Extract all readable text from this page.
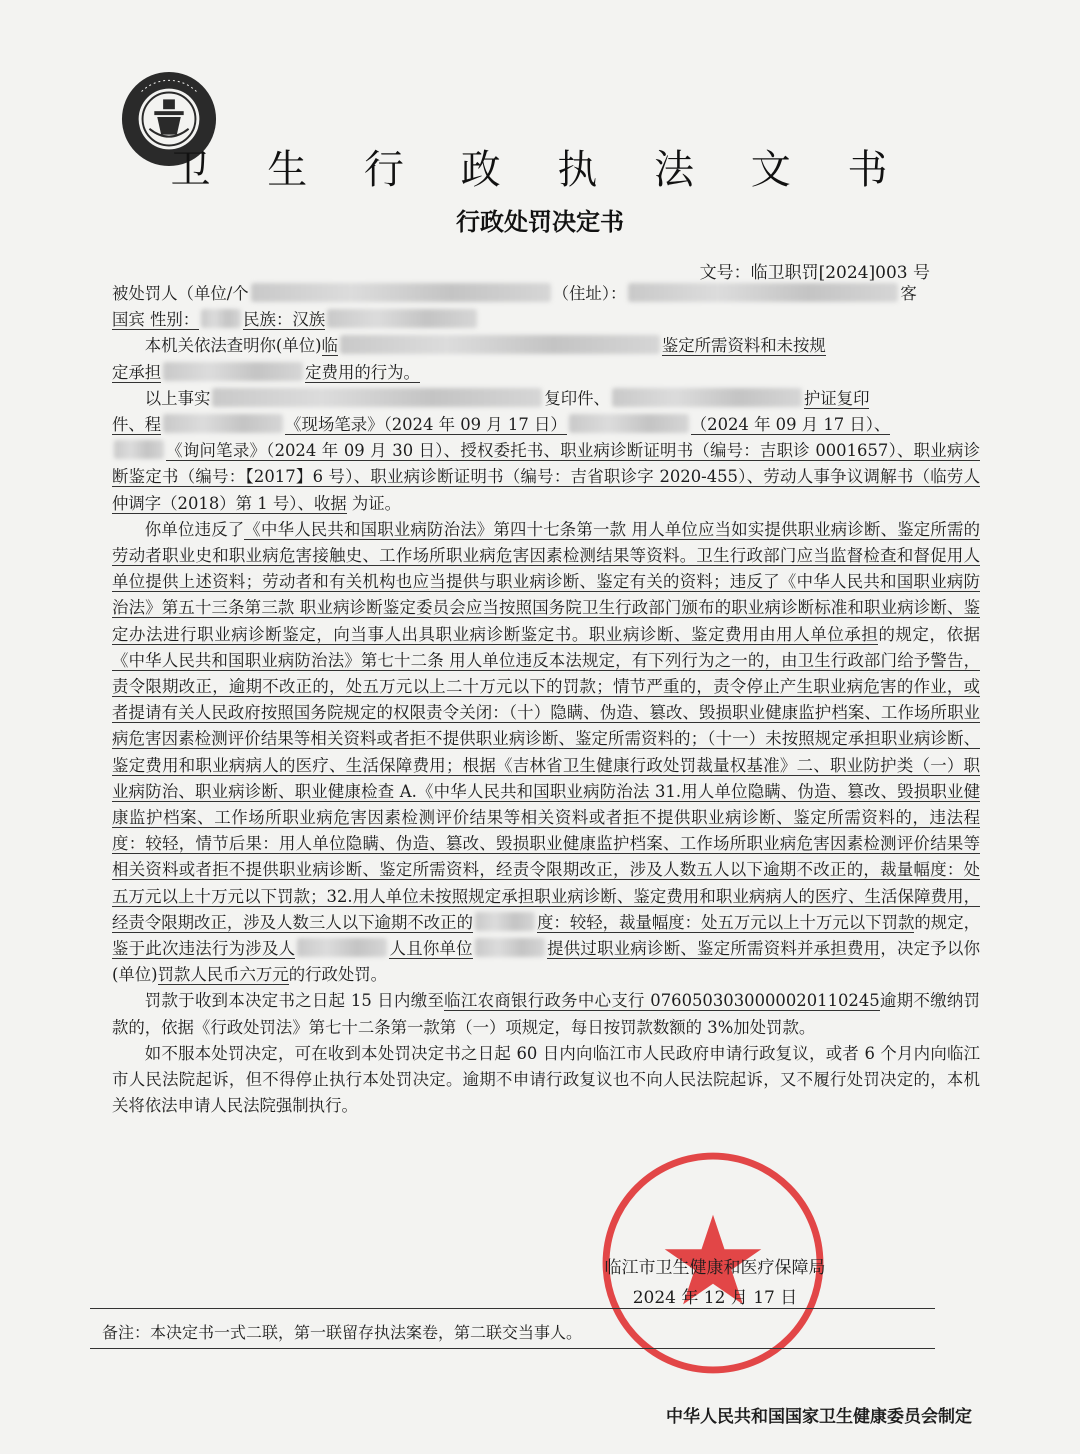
卫 生 行 政 执 法 文 书
行政处罚决定书
文号：临卫职罚[2024]003 号

被处罚人（单位/个	（住址）：	客

国宾 性别：	民族：汉族

本机关依法查明你(单位)临	鉴定所需资料和未按规
定承担	定费用的行为。

以上事实	复印件、	护证复印
件、程	《现场笔录》（2024 年 09 月 17 日）	（2024 年 09 月 17 日）、
《询问笔录》（2024 年 09 月 30 日）、授权委托书、职业病诊断证明书（编号：吉职诊 0001657）、职业病诊断鉴定书（编号：【2017】6 号）、职业病诊断证明书（编号：吉省职诊字 2020-455）、劳动人事争议调解书（临劳人仲调字（2018）第 1 号）、收据 为证。

你单位违反了《中华人民共和国职业病防治法》第四十七条第一款 用人单位应当如实提供职业病诊断、鉴定所需的劳动者职业史和职业病危害接触史、工作场所职业病危害因素检测结果等资料。卫生行政部门应当监督检查和督促用人单位提供上述资料；劳动者和有关机构也应当提供与职业病诊断、鉴定有关的资料；违反了《中华人民共和国职业病防治法》第五十三条第三款 职业病诊断鉴定委员会应当按照国务院卫生行政部门颁布的职业病诊断标准和职业病诊断、鉴定办法进行职业病诊断鉴定，向当事人出具职业病诊断鉴定书。职业病诊断、鉴定费用由用人单位承担的规定，依据《中华人民共和国职业病防治法》第七十二条 用人单位违反本法规定，有下列行为之一的，由卫生行政部门给予警告，责令限期改正，逾期不改正的，处五万元以上二十万元以下的罚款；情节严重的，责令停止产生职业病危害的作业，或者提请有关人民政府按照国务院规定的权限责令关闭：（十）隐瞒、伪造、篡改、毁损职业健康监护档案、工作场所职业病危害因素检测评价结果等相关资料或者拒不提供职业病诊断、鉴定所需资料的；（十一）未按照规定承担职业病诊断、鉴定费用和职业病病人的医疗、生活保障费用；根据《吉林省卫生健康行政处罚裁量权基准》二、职业防护类（一）职业病防治、职业病诊断、职业健康检查 A.《中华人民共和国职业病防治法 31.用人单位隐瞒、伪造、篡改、毁损职业健康监护档案、工作场所职业病危害因素检测评价结果等相关资料或者拒不提供职业病诊断、鉴定所需资料的，违法程度：较轻，情节后果：用人单位隐瞒、伪造、篡改、毁损职业健康监护档案、工作场所职业病危害因素检测评价结果等相关资料或者拒不提供职业病诊断、鉴定所需资料，经责令限期改正，涉及人数五人以下逾期不改正的，裁量幅度：处五万元以上十万元以下罚款；32.用人单位未按照规定承担职业病诊断、鉴定费用和职业病病人的医疗、生活保障费用，经责令限期改正，涉及人数三人以下逾期不改正的	度：较轻，裁量幅度：处五万元以上十万元以下罚款的规定，鉴于此次违法行为涉及人	人且你单位	提供过职业病诊断、鉴定所需资料并承担费用，决定予以你(单位)罚款人民币六万元的行政处罚。

罚款于收到本决定书之日起 15 日内缴至临江农商银行政务中心支行 0760503030000020110245逾期不缴纳罚款的，依据《行政处罚法》第七十二条第一款第（一）项规定，每日按罚款数额的 3%加处罚款。

如不服本处罚决定，可在收到本处罚决定书之日起 60 日内向临江市人民政府申请行政复议，或者 6 个月内向临江市人民法院起诉，但不得停止执行本处罚决定。逾期不申请行政复议也不向人民法院起诉，又不履行处罚决定的，本机关将依法申请人民法院强制执行。

临江市卫生健康和医疗保障局
2024 年 12 月 17 日
备注：本决定书一式二联，第一联留存执法案卷，第二联交当事人。
中华人民共和国国家卫生健康委员会制定
